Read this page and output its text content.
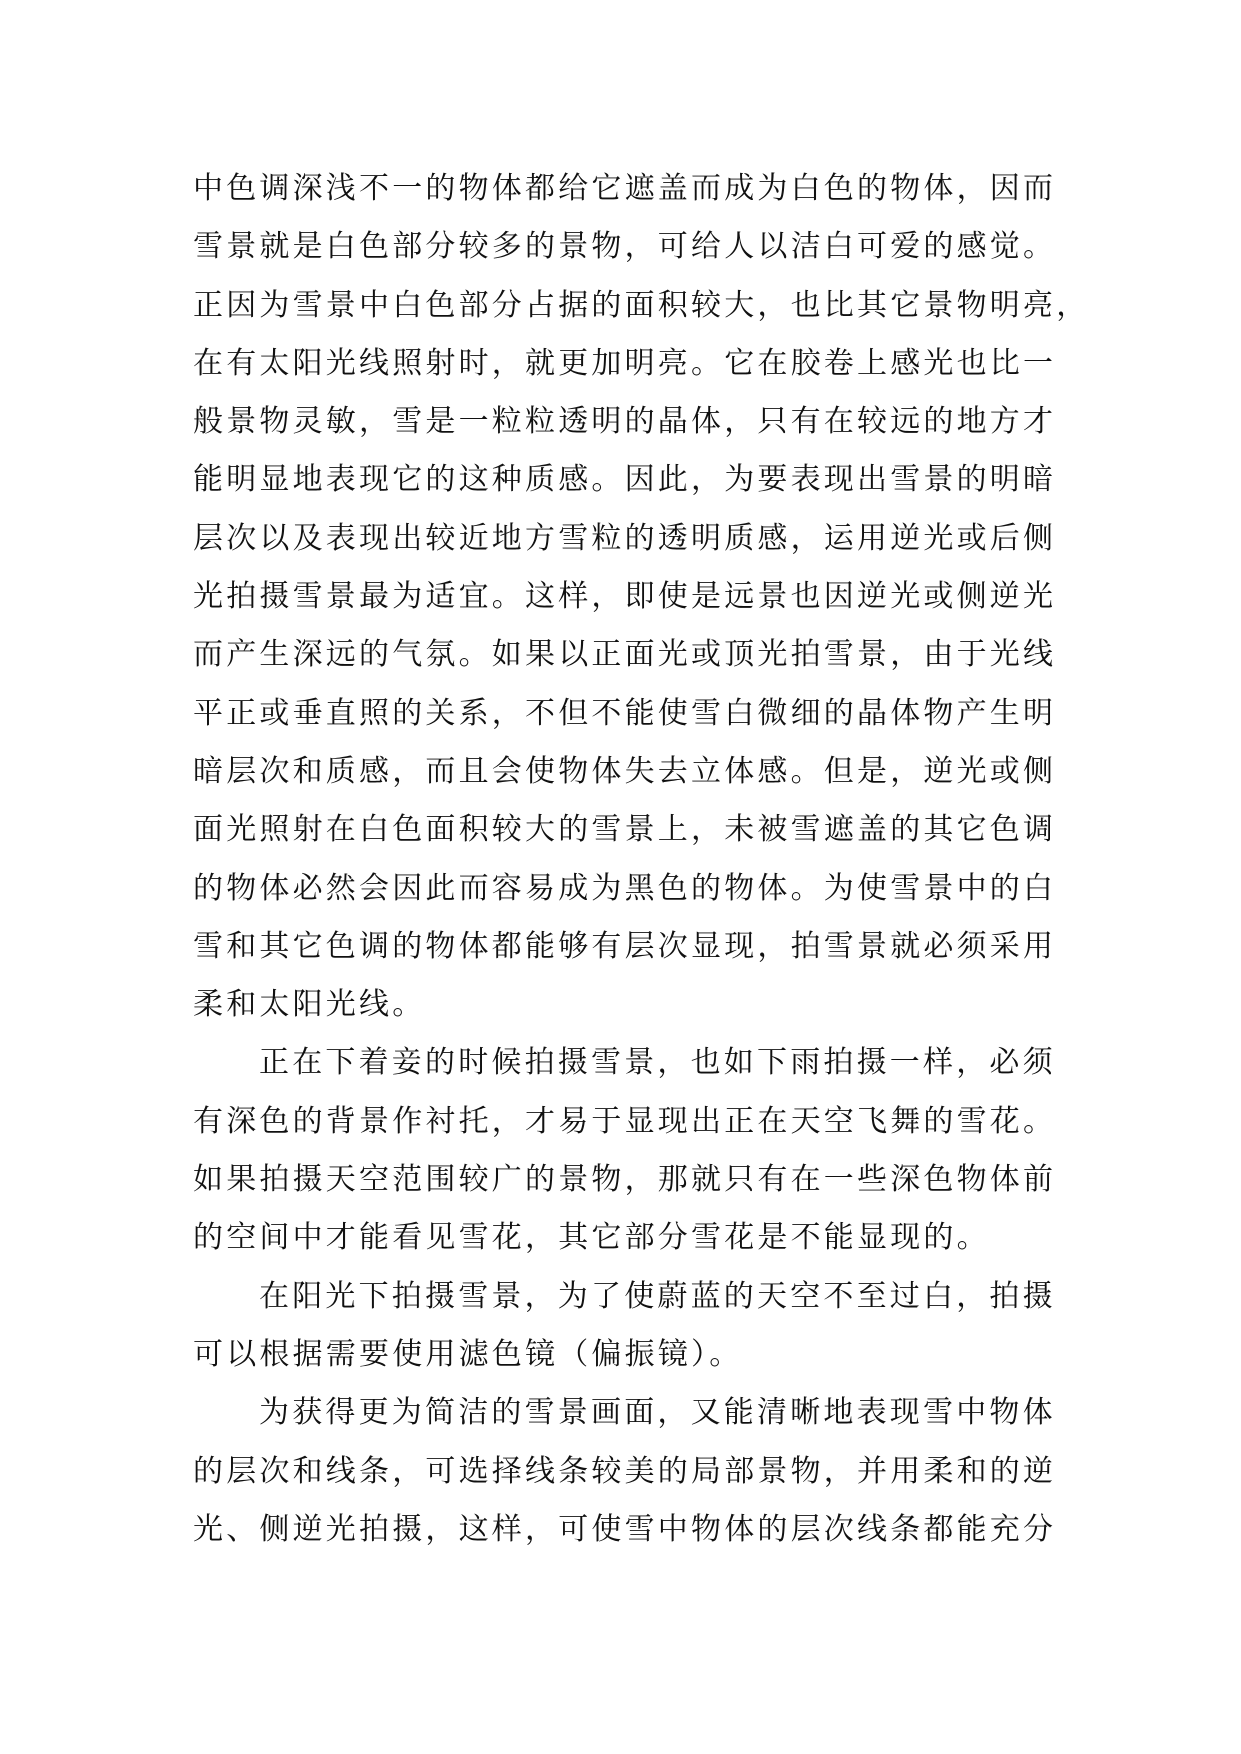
中色调深浅不一的物体都给它遮盖而成为白色的物体，因而
雪景就是白色部分较多的景物，可给人以洁白可爱的感觉。
正因为雪景中白色部分占据的面积较大，也比其它景物明亮，
在有太阳光线照射时，就更加明亮。它在胶卷上感光也比一
般景物灵敏，雪是一粒粒透明的晶体，只有在较远的地方才
能明显地表现它的这种质感。因此，为要表现出雪景的明暗
层次以及表现出较近地方雪粒的透明质感，运用逆光或后侧
光拍摄雪景最为适宜。这样，即使是远景也因逆光或侧逆光
而产生深远的气氛。如果以正面光或顶光拍雪景，由于光线
平正或垂直照的关系，不但不能使雪白微细的晶体物产生明
暗层次和质感，而且会使物体失去立体感。但是，逆光或侧
面光照射在白色面积较大的雪景上，未被雪遮盖的其它色调
的物体必然会因此而容易成为黑色的物体。为使雪景中的白
雪和其它色调的物体都能够有层次显现，拍雪景就必须采用
柔和太阳光线。
正在下着妾的时候拍摄雪景，也如下雨拍摄一样，必须
有深色的背景作衬托，才易于显现出正在天空飞舞的雪花。
如果拍摄天空范围较广的景物，那就只有在一些深色物体前
的空间中才能看见雪花，其它部分雪花是不能显现的。
在阳光下拍摄雪景，为了使蔚蓝的天空不至过白，拍摄
可以根据需要使用滤色镜（偏振镜）。
为获得更为简洁的雪景画面，又能清晰地表现雪中物体
的层次和线条，可选择线条较美的局部景物，并用柔和的逆
光、侧逆光拍摄，这样，可使雪中物体的层次线条都能充分
